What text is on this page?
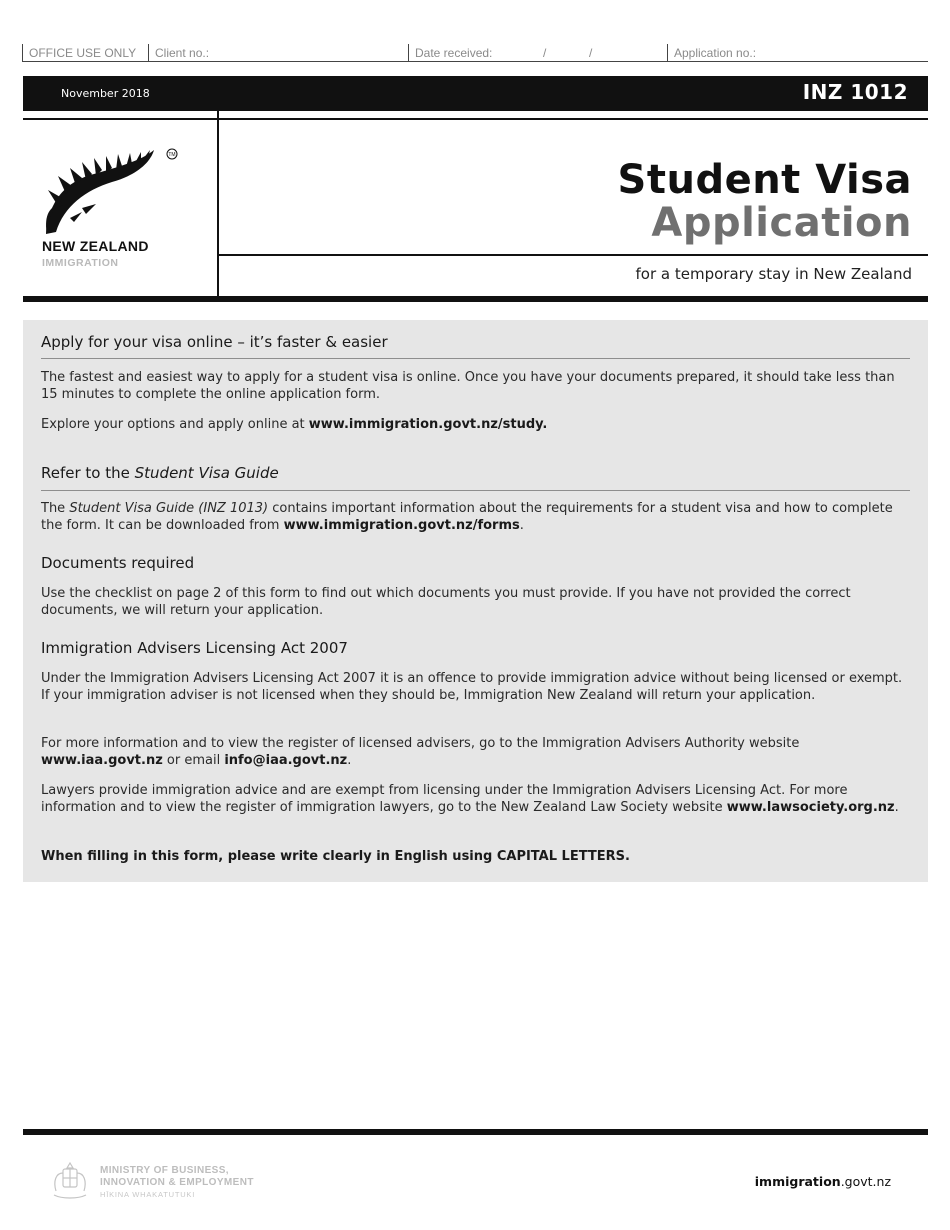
OFFICE USE ONLY	Client no.:	Date received:	/	/	Application no.:
November 2018	INZ 1012
TM
NEW ZEALAND
IMMIGRATION
Student Visa
Application
for a temporary stay in New Zealand
Apply for your visa online – it’s faster & easier

The fastest and easiest way to apply for a student visa is online. Once you have your documents prepared, it should take less than 15 minutes to complete the online application form.

Explore your options and apply online at www.immigration.govt.nz/study.

Refer to the Student Visa Guide

The Student Visa Guide (INZ 1013) contains important information about the requirements for a student visa and how to complete the form. It can be downloaded from www.immigration.govt.nz/forms.

Documents required

Use the checklist on page 2 of this form to find out which documents you must provide. If you have not provided the correct documents, we will return your application.

Immigration Advisers Licensing Act 2007

Under the Immigration Advisers Licensing Act 2007 it is an offence to provide immigration advice without being licensed or exempt. If your immigration adviser is not licensed when they should be, Immigration New Zealand will return your application.

For more information and to view the register of licensed advisers, go to the Immigration Advisers Authority website www.iaa.govt.nz or email info@iaa.govt.nz.

Lawyers provide immigration advice and are exempt from licensing under the Immigration Advisers Licensing Act. For more information and to view the register of immigration lawyers, go to the New Zealand Law Society website www.lawsociety.org.nz.

When filling in this form, please write clearly in English using CAPITAL LETTERS.

MINISTRY OF BUSINESS,
INNOVATION & EMPLOYMENT
HĪKINA WHAKATUTUKI
immigration.govt.nz
